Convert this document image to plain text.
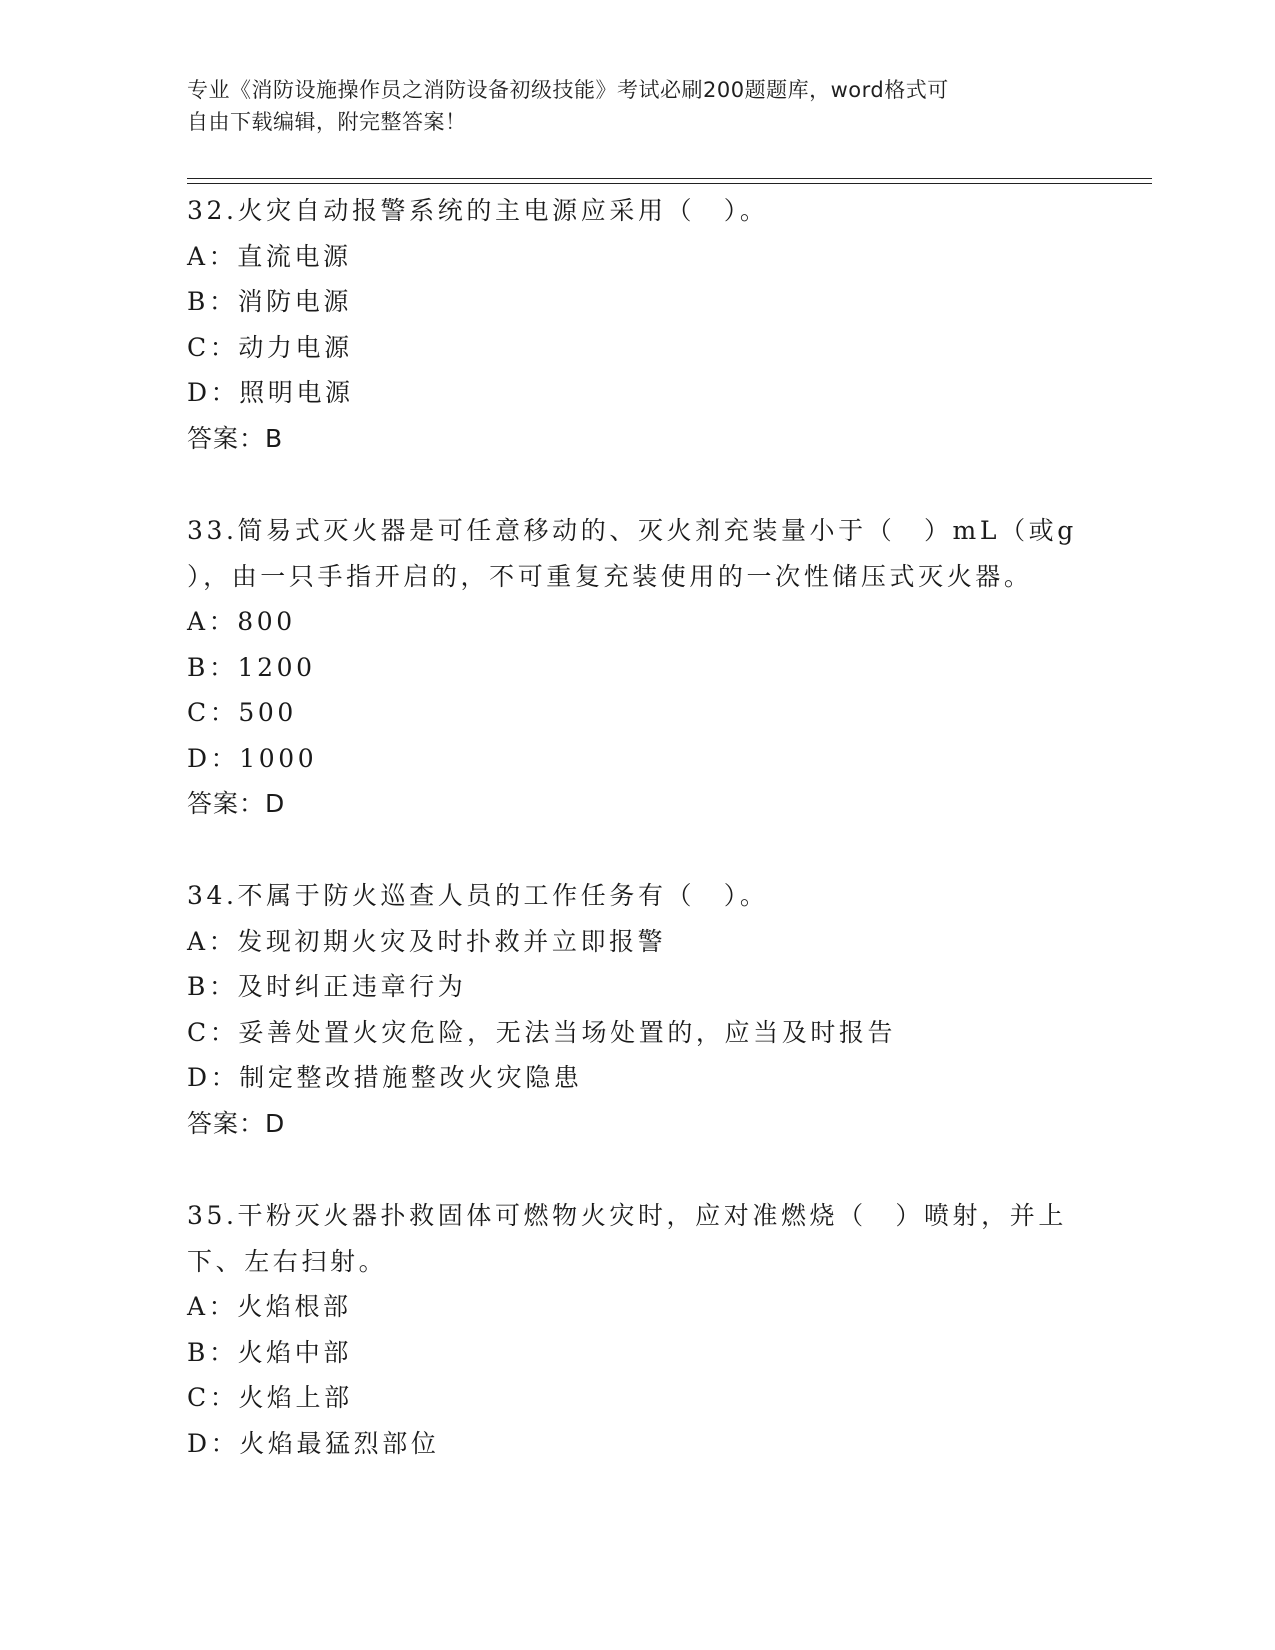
专业《消防设施操作员之消防设备初级技能》考试必刷200题题库，word格式可
自由下载编辑，附完整答案！
32.火灾自动报警系统的主电源应采用（　）。
A：直流电源
B：消防电源
C：动力电源
D：照明电源
答案：B
33.简易式灭火器是可任意移动的、灭火剂充装量小于（　）mL（或g
），由一只手指开启的，不可重复充装使用的一次性储压式灭火器。
A：800
B：1200
C：500
D：1000
答案：D
34.不属于防火巡查人员的工作任务有（　）。
A：发现初期火灾及时扑救并立即报警
B：及时纠正违章行为
C：妥善处置火灾危险，无法当场处置的，应当及时报告
D：制定整改措施整改火灾隐患
答案：D
35.干粉灭火器扑救固体可燃物火灾时，应对准燃烧（　）喷射，并上
下、左右扫射。
A：火焰根部
B：火焰中部
C：火焰上部
D：火焰最猛烈部位
